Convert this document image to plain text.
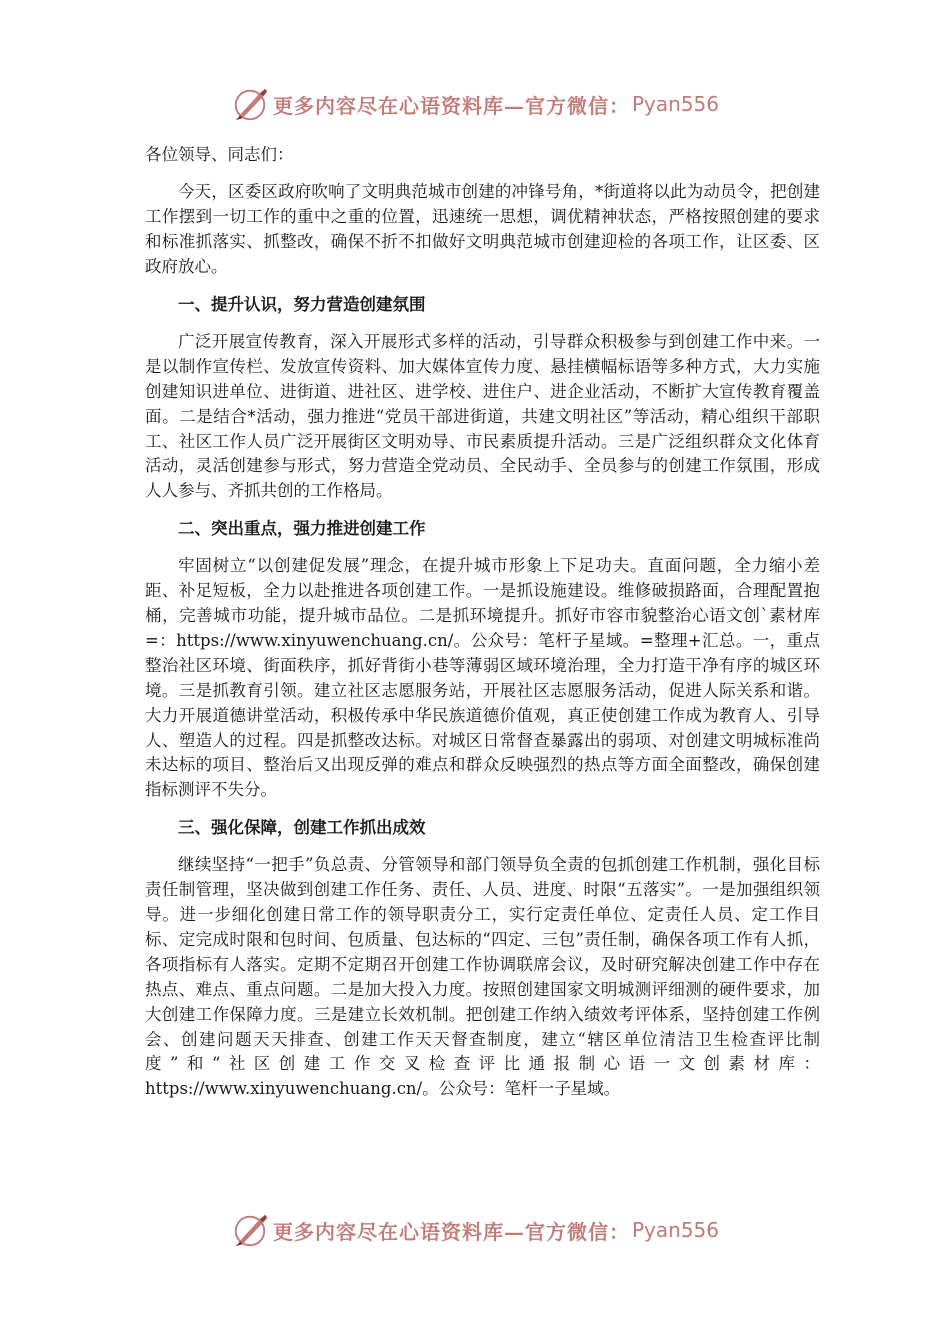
更多内容尽在心语资料库—官方微信： Pyan556

各位领导、同志们：

今天，区委区政府吹响了文明典范城市创建的冲锋号角，*街道将以此为动员令，把创建工作摆到一切工作的重中之重的位置，迅速统一思想，调优精神状态，严格按照创建的要求和标准抓落实、抓整改，确保不折不扣做好文明典范城市创建迎检的各项工作，让区委、区政府放心。

一、提升认识，努力营造创建氛围

广泛开展宣传教育，深入开展形式多样的活动，引导群众积极参与到创建工作中来。一是以制作宣传栏、发放宣传资料、加大媒体宣传力度、悬挂横幅标语等多种方式，大力实施创建知识进单位、进街道、进社区、进学校、进住户、进企业活动，不断扩大宣传教育覆盖面。二是结合*活动，强力推进“党员干部进街道，共建文明社区”等活动，精心组织干部职工、社区工作人员广泛开展街区文明劝导、市民素质提升活动。三是广泛组织群众文化体育活动，灵活创建参与形式，努力营造全党动员、全民动手、全员参与的创建工作氛围，形成人人参与、齐抓共创的工作格局。

二、突出重点，强力推进创建工作

牢固树立“以创建促发展”理念，在提升城市形象上下足功夫。直面问题，全力缩小差距、补足短板，全力以赴推进各项创建工作。一是抓设施建设。维修破损路面，合理配置抱桶，完善城市功能，提升城市品位。二是抓环境提升。抓好市容市貌整治心语文创`素材库=：https://www.xinyuwenchuang.cn/。公众号：笔杆子星域。=整理+汇总。一，重点整治社区环境、街面秩序，抓好背街小巷等薄弱区域环境治理，全力打造干净有序的城区环境。三是抓教育引领。建立社区志愿服务站，开展社区志愿服务活动，促进人际关系和谐。大力开展道德讲堂活动，积极传承中华民族道德价值观，真正使创建工作成为教育人、引导人、塑造人的过程。四是抓整改达标。对城区日常督查暴露出的弱项、对创建文明城标准尚未达标的项目、整治后又出现反弹的难点和群众反映强烈的热点等方面全面整改，确保创建指标测评不失分。

三、强化保障，创建工作抓出成效

继续坚持“一把手”负总责、分管领导和部门领导负全责的包抓创建工作机制，强化目标责任制管理，坚决做到创建工作任务、责任、人员、进度、时限“五落实”。一是加强组织领导。进一步细化创建日常工作的领导职责分工，实行定责任单位、定责任人员、定工作目标、定完成时限和包时间、包质量、包达标的“四定、三包”责任制，确保各项工作有人抓，各项指标有人落实。定期不定期召开创建工作协调联席会议，及时研究解决创建工作中存在热点、难点、重点问题。二是加大投入力度。按照创建国家文明城测评细测的硬件要求，加大创建工作保障力度。三是建立长效机制。把创建工作纳入绩效考评体系，坚持创建工作例会、创建问题天天排查、创建工作天天督查制度，建立“辖区单位清洁卫生检查评比制度”和“社区创建工作交叉检查评比通报制心语一文创素材库：https://www.xinyuwenchuang.cn/。公众号：笔杆一子星域。

更多内容尽在心语资料库—官方微信： Pyan556
